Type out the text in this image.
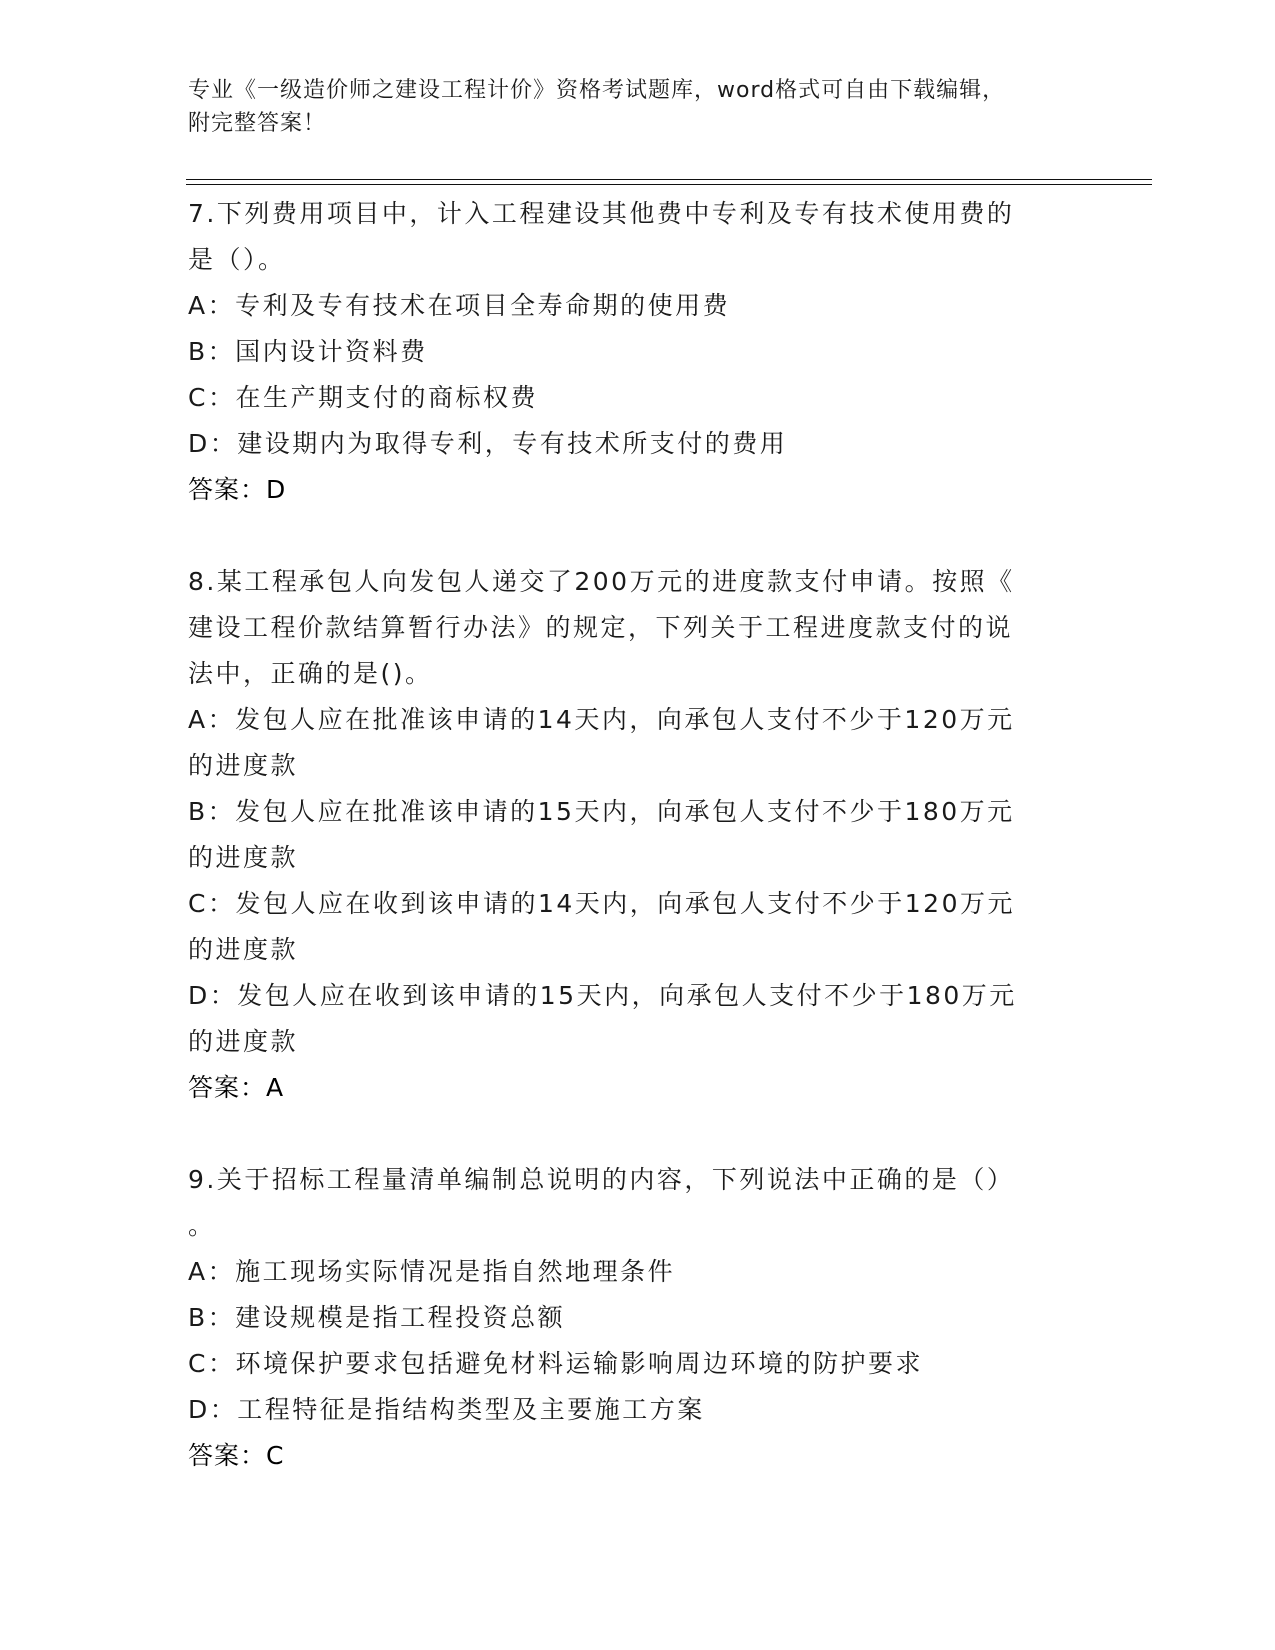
专业《一级造价师之建设工程计价》资格考试题库，word格式可自由下载编辑，
附完整答案！

7.下列费用项目中，计入工程建设其他费中专利及专有技术使用费的

是（）。

A：专利及专有技术在项目全寿命期的使用费

B：国内设计资料费

C：在生产期支付的商标权费

D：建设期内为取得专利，专有技术所支付的费用

答案：D

8.某工程承包人向发包人递交了200万元的进度款支付申请。按照《

建设工程价款结算暂行办法》的规定，下列关于工程进度款支付的说

法中，正确的是()。

A：发包人应在批准该申请的14天内，向承包人支付不少于120万元

的进度款

B：发包人应在批准该申请的15天内，向承包人支付不少于180万元

的进度款

C：发包人应在收到该申请的14天内，向承包人支付不少于120万元

的进度款

D：发包人应在收到该申请的15天内，向承包人支付不少于180万元

的进度款

答案：A

9.关于招标工程量清单编制总说明的内容，下列说法中正确的是（）

。

A：施工现场实际情况是指自然地理条件

B：建设规模是指工程投资总额

C：环境保护要求包括避免材料运输影响周边环境的防护要求

D：工程特征是指结构类型及主要施工方案

答案：C
